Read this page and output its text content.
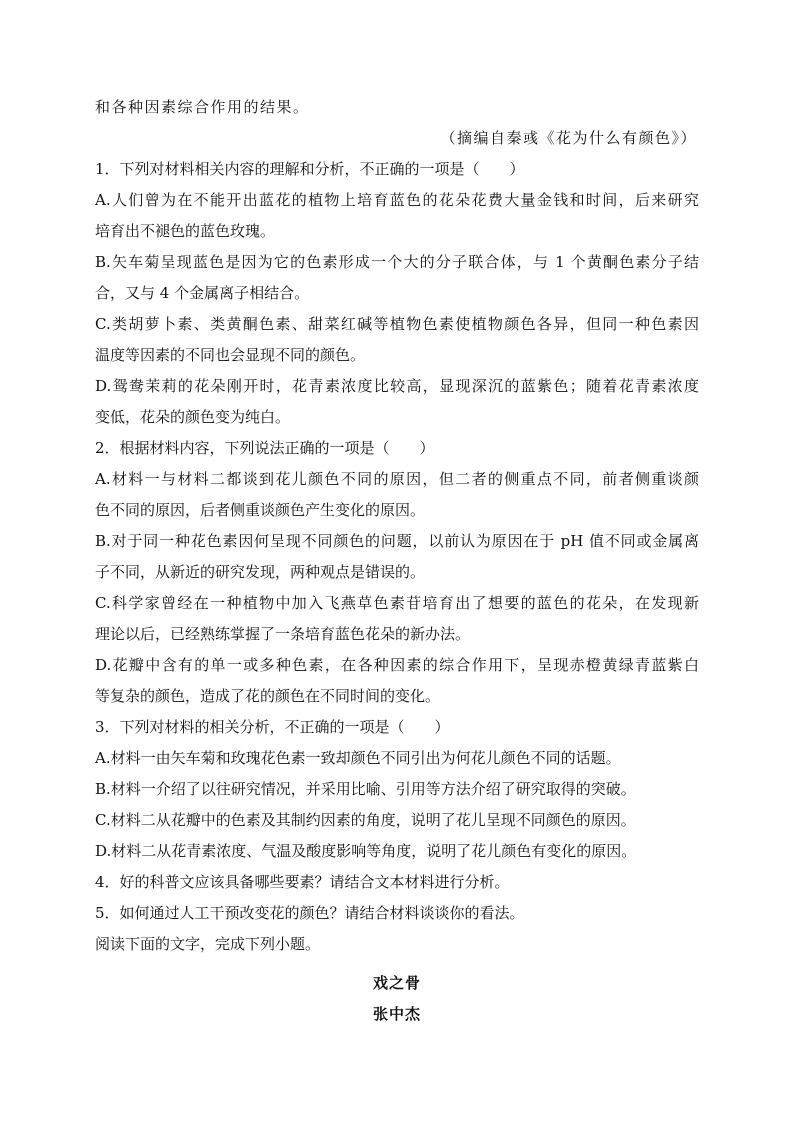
和各种因素综合作用的结果。
（摘编自秦彧《花为什么有颜色》）
1．下列对材料相关内容的理解和分析，不正确的一项是（　　）
A.人们曾为在不能开出蓝花的植物上培育蓝色的花朵花费大量金钱和时间，后来研究
培育出不褪色的蓝色玫瑰。
B.矢车菊呈现蓝色是因为它的色素形成一个大的分子联合体，与 1 个黄酮色素分子结
合，又与 4 个金属离子相结合。
C.类胡萝卜素、类黄酮色素、甜菜红碱等植物色素使植物颜色各异，但同一种色素因
温度等因素的不同也会显现不同的颜色。
D.鸳鸯茉莉的花朵刚开时，花青素浓度比较高，显现深沉的蓝紫色；随着花青素浓度
变低，花朵的颜色变为纯白。
2．根据材料内容，下列说法正确的一项是（　　）
A.材料一与材料二都谈到花儿颜色不同的原因，但二者的侧重点不同，前者侧重谈颜
色不同的原因，后者侧重谈颜色产生变化的原因。
B.对于同一种花色素因何呈现不同颜色的问题，以前认为原因在于 pH 值不同或金属离
子不同，从新近的研究发现，两种观点是错误的。
C.科学家曾经在一种植物中加入飞燕草色素苷培育出了想要的蓝色的花朵，在发现新
理论以后，已经熟练掌握了一条培育蓝色花朵的新办法。
D.花瓣中含有的单一或多种色素，在各种因素的综合作用下，呈现赤橙黄绿青蓝紫白
等复杂的颜色，造成了花的颜色在不同时间的变化。
3．下列对材料的相关分析，不正确的一项是（　　）
A.材料一由矢车菊和玫瑰花色素一致却颜色不同引出为何花儿颜色不同的话题。
B.材料一介绍了以往研究情况，并采用比喻、引用等方法介绍了研究取得的突破。
C.材料二从花瓣中的色素及其制约因素的角度，说明了花儿呈现不同颜色的原因。
D.材料二从花青素浓度、气温及酸度影响等角度，说明了花儿颜色有变化的原因。
4．好的科普文应该具备哪些要素？请结合文本材料进行分析。
5．如何通过人工干预改变花的颜色？请结合材料谈谈你的看法。
阅读下面的文字，完成下列小题。
戏之骨
张中杰
